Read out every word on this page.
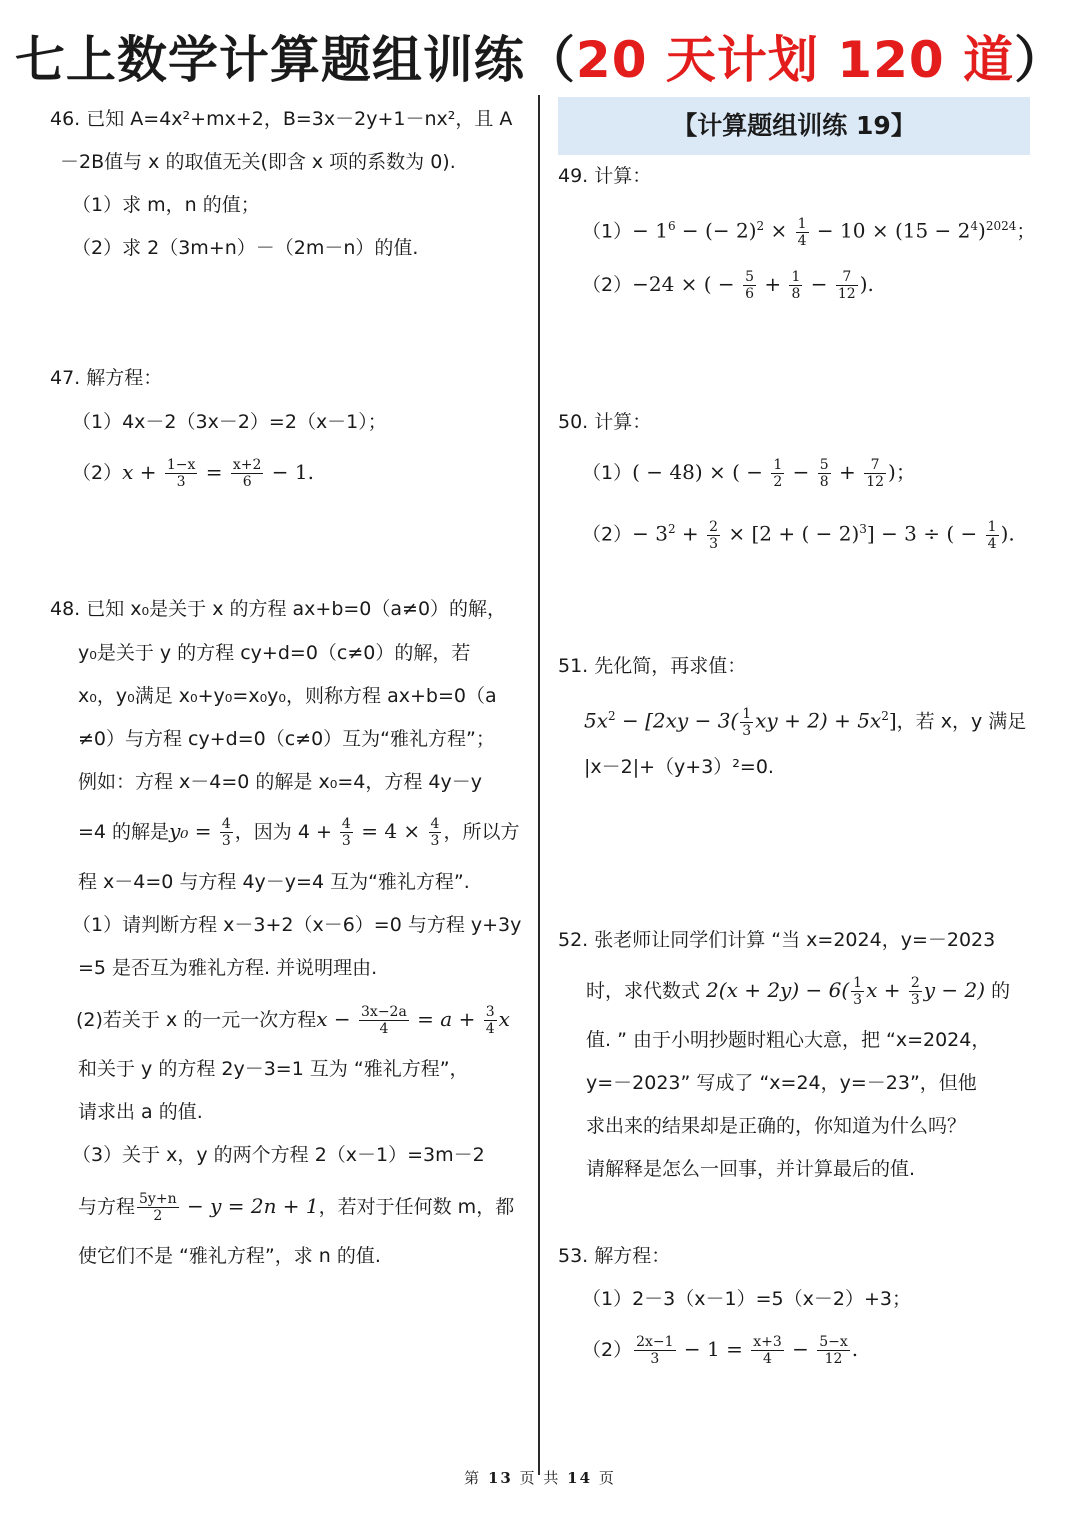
七上数学计算题组训练（20 天计划 120 道）
【计算题组训练 19】
46. 已知 A=4x²+mx+2，B=3x－2y+1－nx²，且 A
－2B值与 x 的取值无关(即含 x 项的系数为 0).
（1）求 m，n 的值；
（2）求 2（3m+n）－（2m－n）的值.
47. 解方程：
（1）4x－2（3x－2）=2（x－1）；
$(2)x + \frac{1-x}{3} = \frac{x+2}{6} - 1$.
48. 已知 x₀是关于 x 的方程 ax+b=0（a≠0）的解，
y₀是关于 y 的方程 cy+d=0（c≠0）的解，若
x₀，y₀满足 x₀+y₀=x₀y₀，则称方程 ax+b=0（a
≠0）与方程 cy+d=0（c≠0）互为“雅礼方程”；
例如：方程 x－4=0 的解是 x₀=4，方程 4y－y
=4 的解是$y_0 = \frac{4}{3}$ ，因为 $4 + \frac{4}{3} = 4 \times \frac{4}{3}$ ，所以方
程 x－4=0 与方程 4y－y=4 互为“雅礼方程”.
（1）请判断方程 x－3+2（x－6）=0 与方程 y+3y
=5 是否互为雅礼方程. 并说明理由.
(2)若关于 x 的一元一次方程$x - \frac{3x-2a}{4} = a + \frac{3}{4}$ x
和关于 y 的方程 2y－3=1 互为 “雅礼方程”，
请求出 a 的值.
（3）关于 x，y 的两个方程 2（x－1）=3m－2
与方程 $\frac{5y+n}{2} - y = 2n + 1$，若对于任何数 m，都
使它们不是 “雅礼方程”，求 n 的值.
49. 计算：
$(1)- 1^6$ − (− $2)^2 \times \frac{1}{4} - 10 \times (15 - 2^4)^{2024}$；
（2）−24 × ( − $\frac{5}{6} + \frac{1}{8} - \frac{7}{12}$ ).
50. 计算：
（1）( − 48) × ( − $\frac{1}{2} - \frac{5}{8} + \frac{7}{12}$ )；
$(2)- 3^2 + \frac{2}{3} \times [2$ + ( − 2)$^3$] − 3 ÷ ( − $\frac{1}{4}$ ).
51. 先化简，再求值：
$5x^2 - [2xy - 3( \frac{1}{3}$ xy + $2) + 5x^2$]，若 x，y 满足
|x－2|+（y+3）²=0.
52. 张老师让同学们计算 “当 x=2024，y=－2023
时，求代数式 $2(x + 2y) - 6( \frac{1}{3}$ $x + \frac{2}{3}$ y − 2) 的
值. ” 由于小明抄题时粗心大意，把 “x=2024，
y=－2023” 写成了 “x=24，y=－23”，但他
求出来的结果却是正确的，你知道为什么吗？
请解释是怎么一回事，并计算最后的值.
53. 解方程：
（1）2－3（x－1）=5（x－2）+3；
$(2) \frac{2x-1}{3} - 1 = \frac{x+3}{4} - \frac{5-x}{12}$ .
第 13 页 共 14 页
